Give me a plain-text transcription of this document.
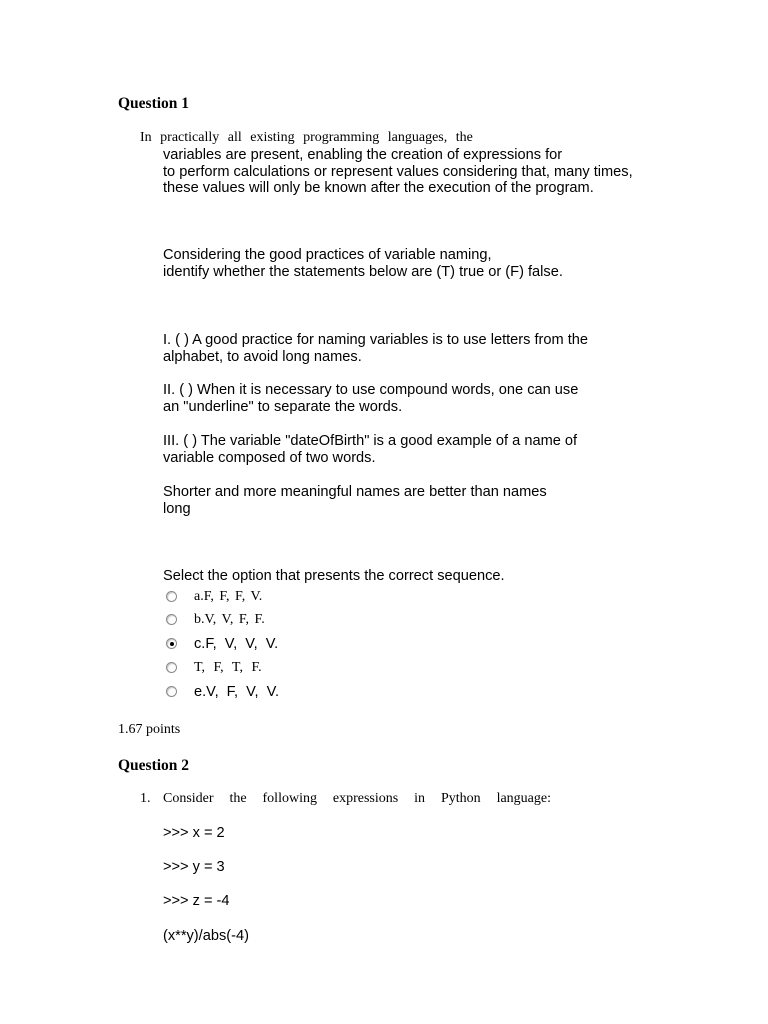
Question 1
In practically all existing programming languages, the
variables are present, enabling the creation of expressions for
to perform calculations or represent values considering that, many times,
these values will only be known after the execution of the program.
Considering the good practices of variable naming,
identify whether the statements below are (T) true or (F) false.
I. ( ) A good practice for naming variables is to use letters from the
alphabet, to avoid long names.
II. ( ) When it is necessary to use compound words, one can use
an "underline" to separate the words.
III. ( ) The variable "dateOfBirth" is a good example of a name of
variable composed of two words.
Shorter and more meaningful names are better than names
long
Select the option that presents the correct sequence.
a.F, F, F, V.
b.V, V, F, F.
c.F, V, V, V.
T, F, T, F.
e.V, F, V, V.
1.67 points
Question 2
1. Consider the following expressions in Python language:
>>> x = 2
>>> y = 3
>>> z = -4
(x**y)/abs(-4)
